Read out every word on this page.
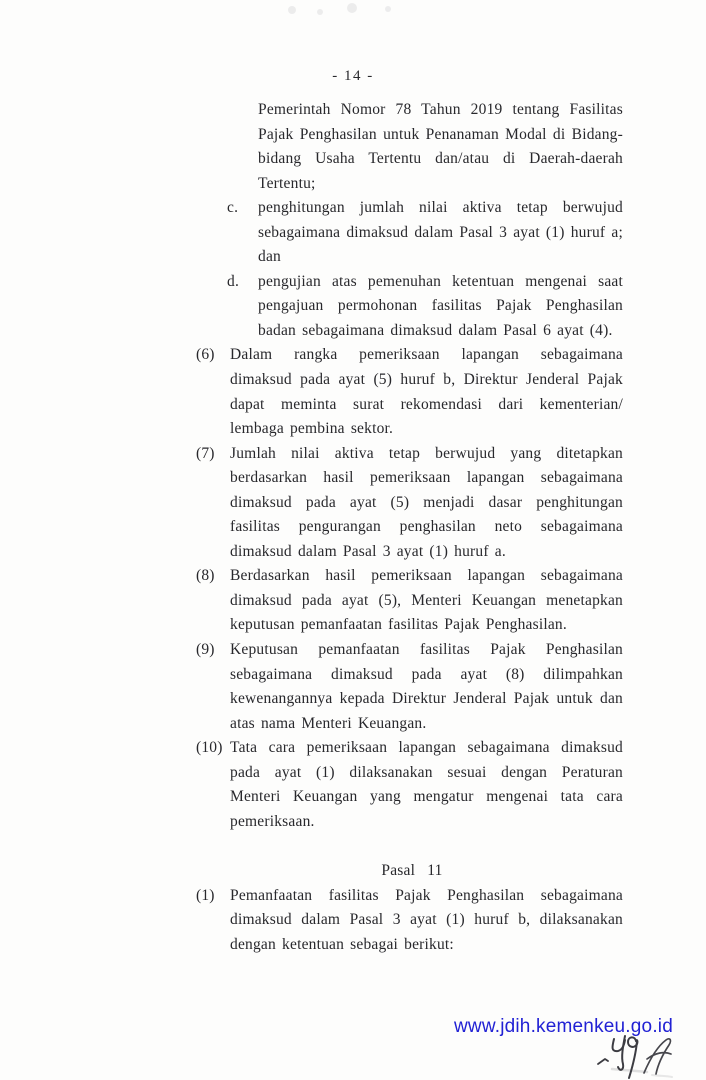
- 14 -
Pemerintah Nomor 78 Tahun 2019 tentang Fasilitas Pajak Penghasilan untuk Penanaman Modal di Bidang-bidang Usaha Tertentu dan/atau di Daerah-daerah Tertentu;
c.	penghitungan jumlah nilai aktiva tetap berwujud sebagaimana dimaksud dalam Pasal 3 ayat (1) huruf a; dan
d.	pengujian atas pemenuhan ketentuan mengenai saat pengajuan permohonan fasilitas Pajak Penghasilan badan sebagaimana dimaksud dalam Pasal 6 ayat (4).
(6) Dalam rangka pemeriksaan lapangan sebagaimana dimaksud pada ayat (5) huruf b, Direktur Jenderal Pajak dapat meminta surat rekomendasi dari kementerian/ lembaga pembina sektor.
(7) Jumlah nilai aktiva tetap berwujud yang ditetapkan berdasarkan hasil pemeriksaan lapangan sebagaimana dimaksud pada ayat (5) menjadi dasar penghitungan fasilitas pengurangan penghasilan neto sebagaimana dimaksud dalam Pasal 3 ayat (1) huruf a.
(8) Berdasarkan hasil pemeriksaan lapangan sebagaimana dimaksud pada ayat (5), Menteri Keuangan menetapkan keputusan pemanfaatan fasilitas Pajak Penghasilan.
(9) Keputusan pemanfaatan fasilitas Pajak Penghasilan sebagaimana dimaksud pada ayat (8) dilimpahkan kewenangannya kepada Direktur Jenderal Pajak untuk dan atas nama Menteri Keuangan.
(10) Tata cara pemeriksaan lapangan sebagaimana dimaksud pada ayat (1) dilaksanakan sesuai dengan Peraturan Menteri Keuangan yang mengatur mengenai tata cara pemeriksaan.
Pasal  11
(1) Pemanfaatan fasilitas Pajak Penghasilan sebagaimana dimaksud dalam Pasal 3 ayat (1) huruf b, dilaksanakan dengan ketentuan sebagai berikut:
www.jdih.kemenkeu.go.id
